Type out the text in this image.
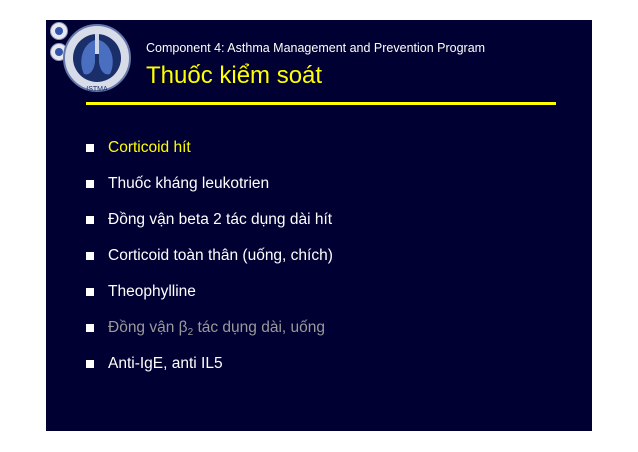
ISTMA
Component 4: Asthma Management and Prevention Program
Thuốc kiểm soát
Corticoid hít
Thuốc kháng leukotrien
Đồng vận beta 2 tác dụng dài hít
Corticoid toàn thân (uống, chích)
Theophylline
Đồng vận $\beta_2$ tác dụng dài, uống
Anti-IgE, anti IL5
